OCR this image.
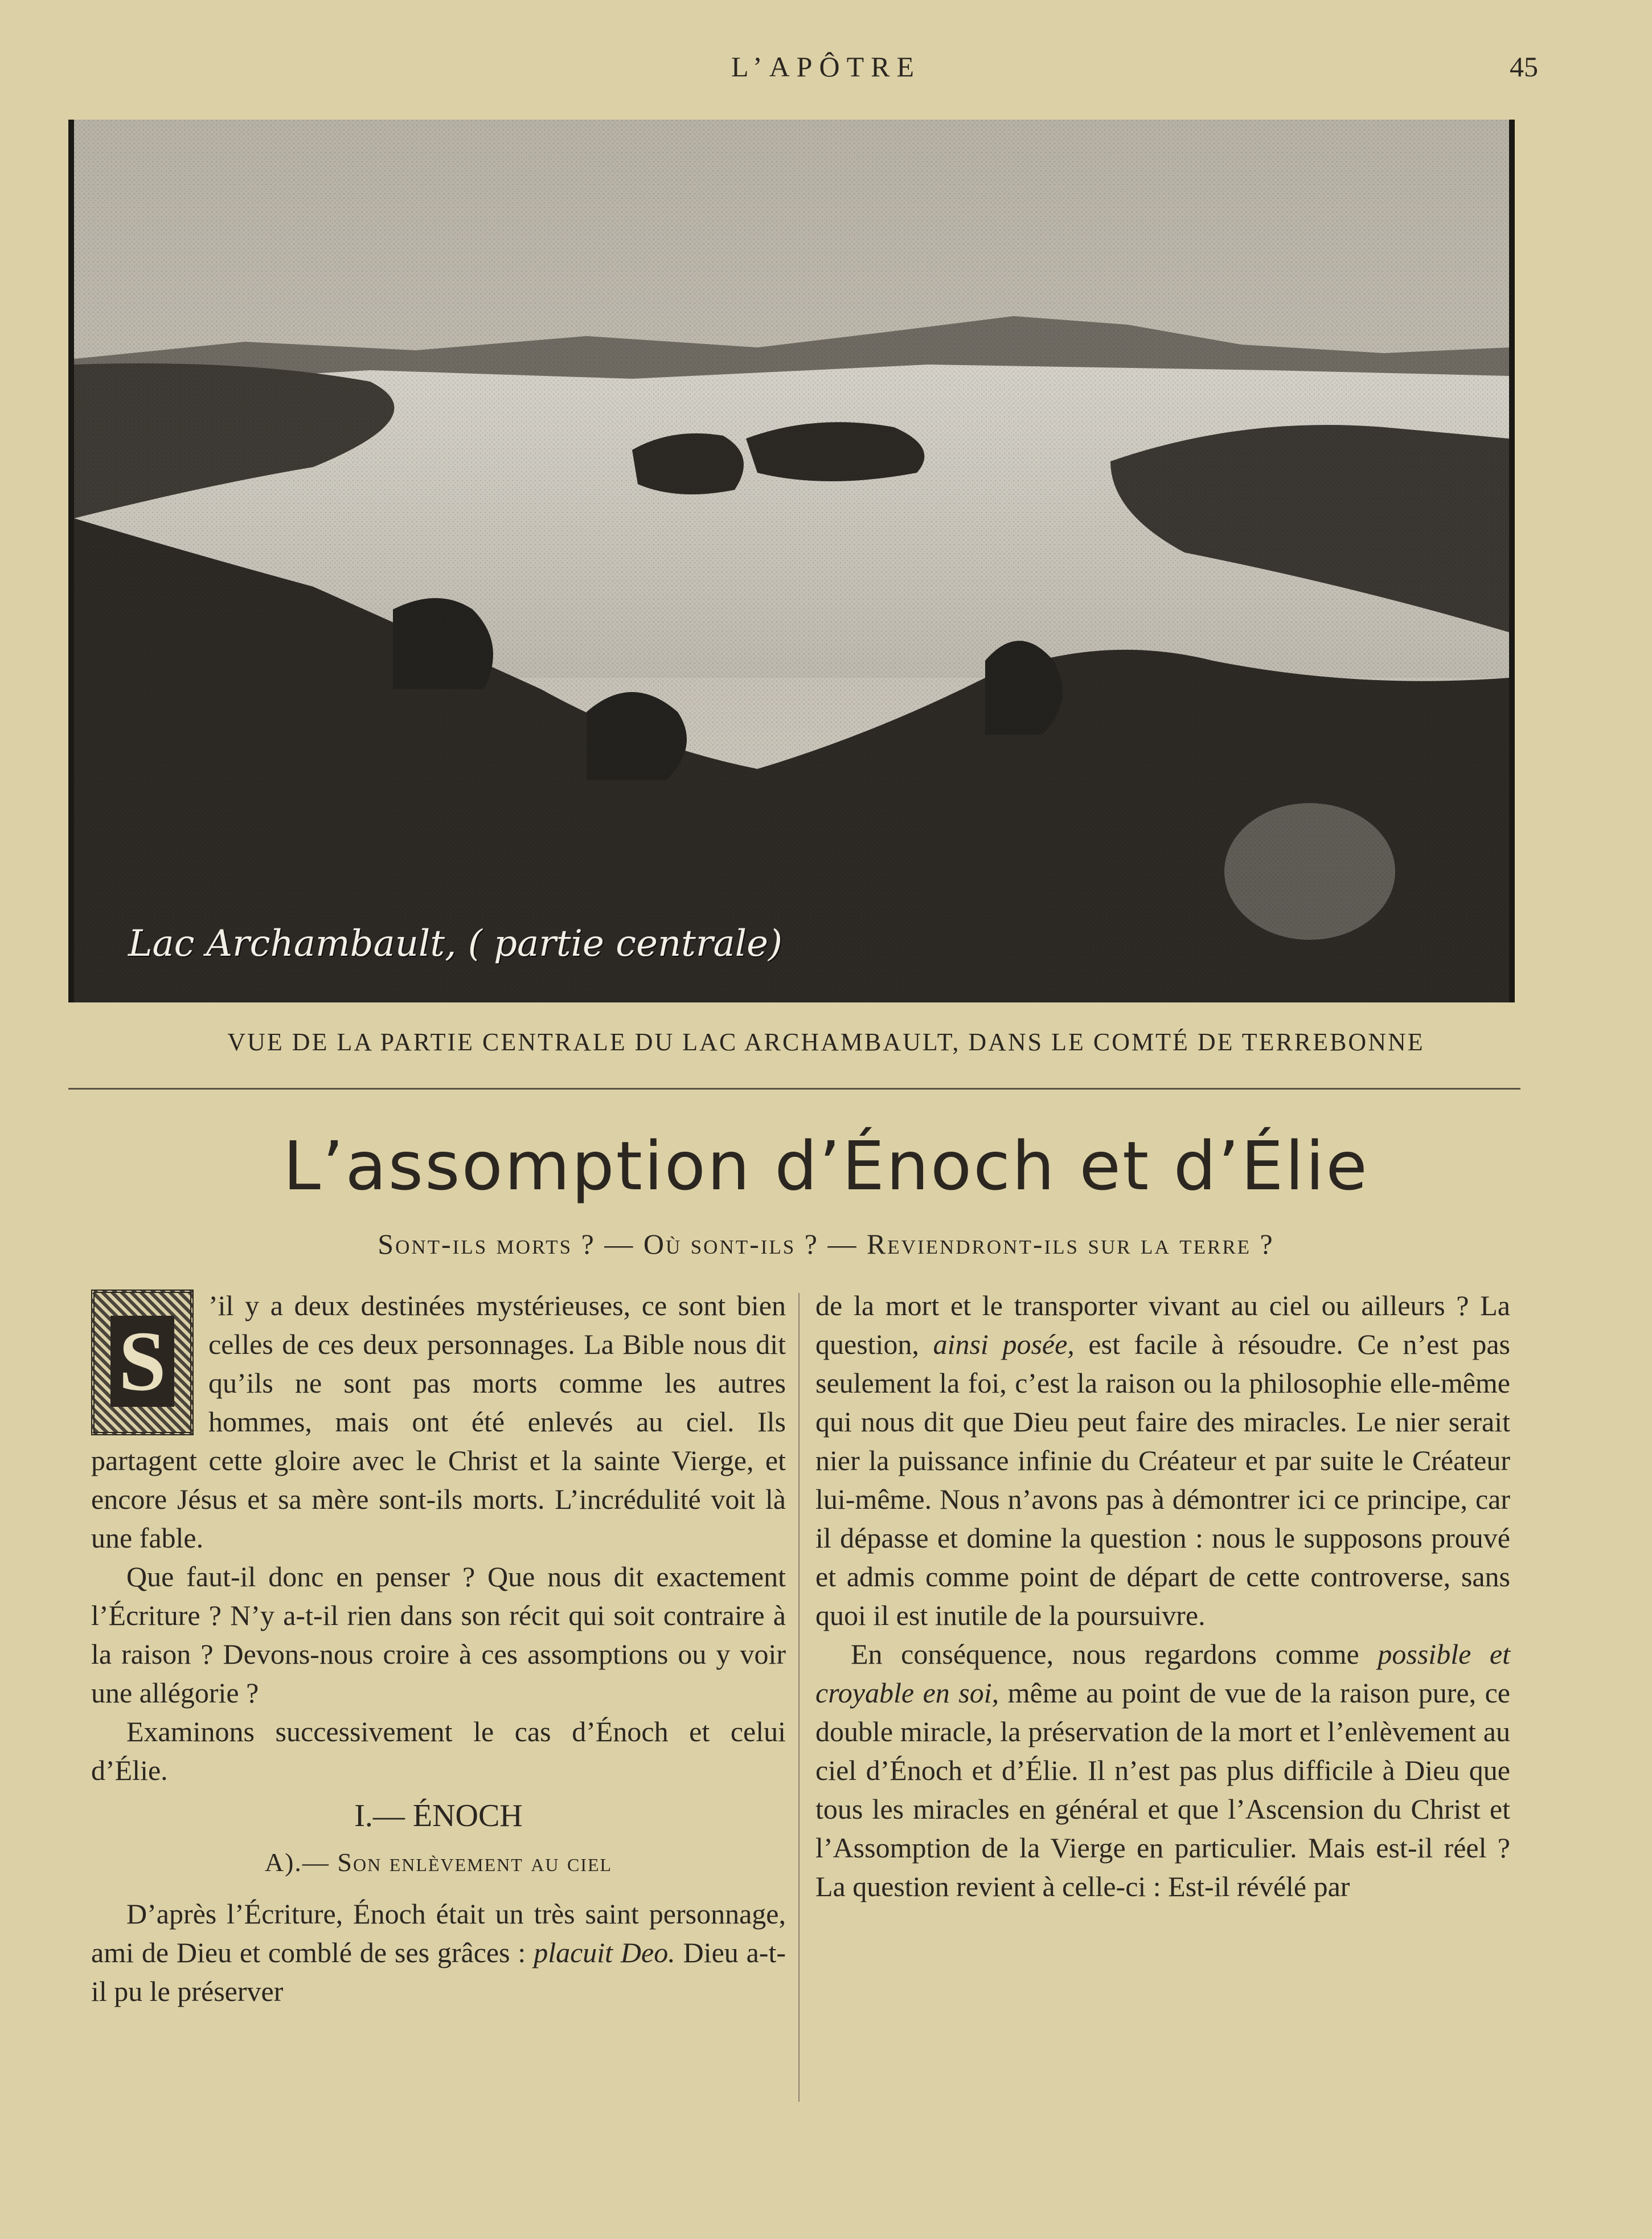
L’APÔTRE	45
Lac Archambault, ( partie centrale)
VUE DE LA PARTIE CENTRALE DU LAC ARCHAMBAULT, DANS LE COMTÉ DE TERREBONNE
L’assomption d’Énoch et d’Élie
Sont-ils morts ? — Où sont-ils ? — Reviendront-ils sur la terre ?

S
’il y a deux destinées mystérieuses, ce sont bien celles de ces deux personnages. La Bible nous dit qu’ils ne sont pas morts comme les autres hommes, mais ont été enlevés au ciel. Ils partagent cette gloire avec le Christ et la sainte Vierge, et encore Jésus et sa mère sont-ils morts. L’incrédulité voit là une fable.

Que faut-il donc en penser ? Que nous dit exactement l’Écriture ? N’y a-t-il rien dans son récit qui soit contraire à la raison ? Devons-nous croire à ces assomptions ou y voir une allégorie ?

Examinons successivement le cas d’Énoch et celui d’Élie.

I.— ÉNOCH
A).— Son enlèvement au ciel

D’après l’Écriture, Énoch était un très saint personnage, ami de Dieu et comblé de ses grâces : placuit Deo. Dieu a-t-il pu le préserver

de la mort et le transporter vivant au ciel ou ailleurs ? La question, ainsi posée, est facile à résoudre. Ce n’est pas seulement la foi, c’est la raison ou la philosophie elle-même qui nous dit que Dieu peut faire des miracles. Le nier serait nier la puissance infinie du Créateur et par suite le Créateur lui-même. Nous n’avons pas à démontrer ici ce principe, car il dépasse et domine la question : nous le supposons prouvé et admis comme point de départ de cette controverse, sans quoi il est inutile de la poursuivre.

En conséquence, nous regardons comme possible et croyable en soi, même au point de vue de la raison pure, ce double miracle, la préservation de la mort et l’enlèvement au ciel d’Énoch et d’Élie. Il n’est pas plus difficile à Dieu que tous les miracles en général et que l’Ascension du Christ et l’Assomption de la Vierge en particulier. Mais est-il réel ? La question revient à celle-ci : Est-il révélé par
